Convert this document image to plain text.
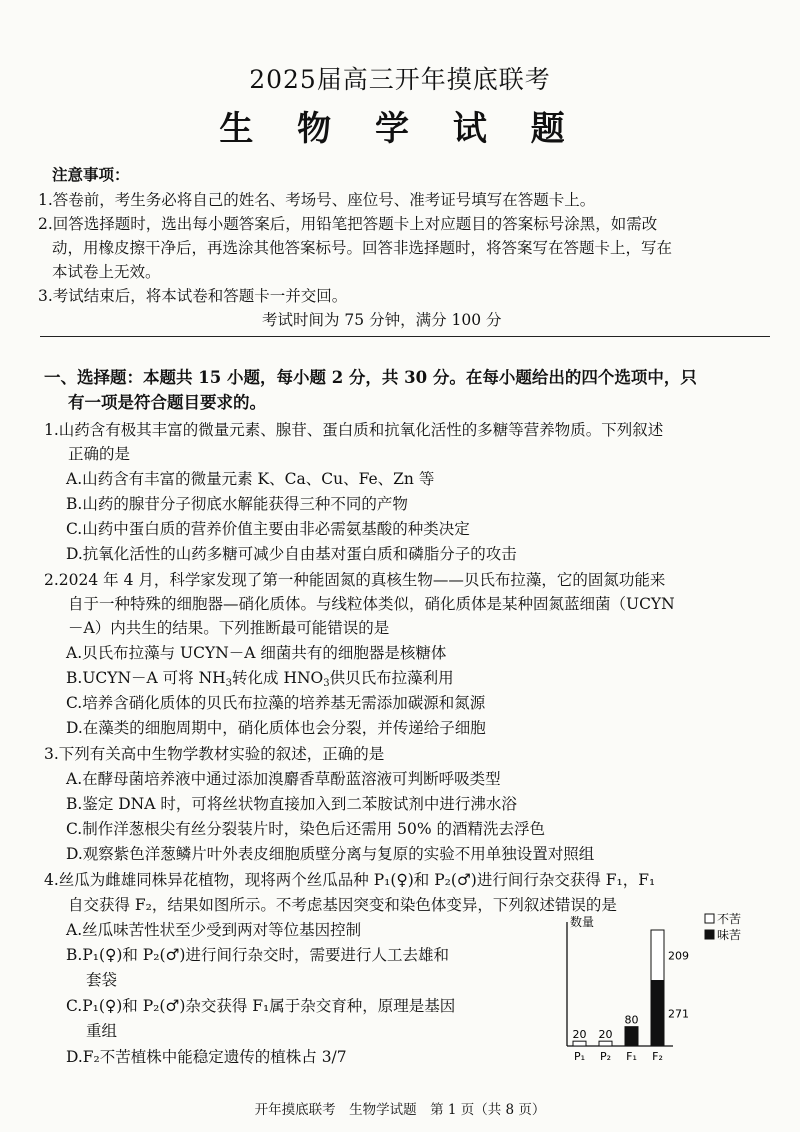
2025届高三开年摸底联考
生 物 学 试 题
注意事项：
1.答卷前，考生务必将自己的姓名、考场号、座位号、准考证号填写在答题卡上。
2.回答选择题时，选出每小题答案后，用铅笔把答题卡上对应题目的答案标号涂黑，如需改
动，用橡皮擦干净后，再选涂其他答案标号。回答非选择题时，将答案写在答题卡上，写在
本试卷上无效。
3.考试结束后，将本试卷和答题卡一并交回。
考试时间为 75 分钟，满分 100 分
一、选择题：本题共 15 小题，每小题 2 分，共 30 分。在每小题给出的四个选项中，只
有一项是符合题目要求的。
1.山药含有极其丰富的微量元素、腺苷、蛋白质和抗氧化活性的多糖等营养物质。下列叙述
正确的是
A.山药含有丰富的微量元素 K、Ca、Cu、Fe、Zn 等
B.山药的腺苷分子彻底水解能获得三种不同的产物
C.山药中蛋白质的营养价值主要由非必需氨基酸的种类决定
D.抗氧化活性的山药多糖可减少自由基对蛋白质和磷脂分子的攻击
2.2024 年 4 月，科学家发现了第一种能固氮的真核生物——贝氏布拉藻，它的固氮功能来
自于一种特殊的细胞器—硝化质体。与线粒体类似，硝化质体是某种固氮蓝细菌（UCYN
－A）内共生的结果。下列推断最可能错误的是
A.贝氏布拉藻与 UCYN－A 细菌共有的细胞器是核糖体
B.UCYN－A 可将 $NH_3$转化成 $HNO_3$供贝氏布拉藻利用
C.培养含硝化质体的贝氏布拉藻的培养基无需添加碳源和氮源
D.在藻类的细胞周期中，硝化质体也会分裂，并传递给子细胞
3.下列有关高中生物学教材实验的叙述，正确的是
A.在酵母菌培养液中通过添加溴麝香草酚蓝溶液可判断呼吸类型
B.鉴定 DNA 时，可将丝状物直接加入到二苯胺试剂中进行沸水浴
C.制作洋葱根尖有丝分裂装片时，染色后还需用 50% 的酒精洗去浮色
D.观察紫色洋葱鳞片叶外表皮细胞质壁分离与复原的实验不用单独设置对照组
4.丝瓜为雌雄同株异花植物，现将两个丝瓜品种 P₁(♀)和 P₂(♂)进行间行杂交获得 F₁，F₁
自交获得 F₂，结果如图所示。不考虑基因突变和染色体变异，下列叙述错误的是
A.丝瓜味苦性状至少受到两对等位基因控制
B.P₁(♀)和 P₂(♂)进行间行杂交时，需要进行人工去雄和
套袋
C.P₁(♀)和 P₂(♂)杂交获得 F₁属于杂交育种，原理是基因
重组
D.F₂不苦植株中能稳定遗传的植株占 3/7
数量
20
P₁
20
P₂
80
F₁
209
271
F₂
不苦
味苦
开年摸底联考　生物学试题　第 1 页（共 8 页）
